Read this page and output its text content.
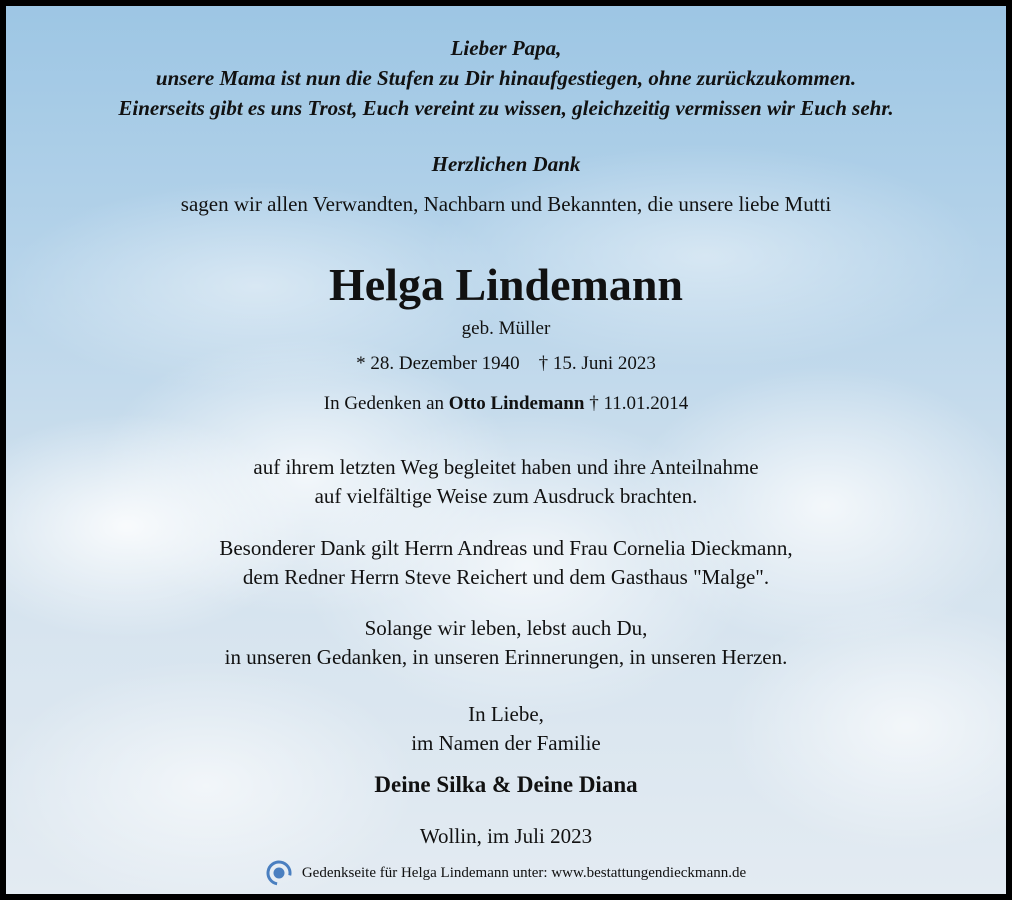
Lieber Papa,
unsere Mama ist nun die Stufen zu Dir hinaufgestiegen, ohne zurückzukommen.
Einerseits gibt es uns Trost, Euch vereint zu wissen, gleichzeitig vermissen wir Euch sehr.
Herzlichen Dank
sagen wir allen Verwandten, Nachbarn und Bekannten, die unsere liebe Mutti
Helga Lindemann
geb. Müller
* 28. Dezember 1940    † 15. Juni 2023
In Gedenken an Otto Lindemann † 11.01.2014
auf ihrem letzten Weg begleitet haben und ihre Anteilnahme
auf vielfältige Weise zum Ausdruck brachten.
Besonderer Dank gilt Herrn Andreas und Frau Cornelia Dieckmann,
dem Redner Herrn Steve Reichert und dem Gasthaus "Malge".
Solange wir leben, lebst auch Du,
in unseren Gedanken, in unseren Erinnerungen, in unseren Herzen.
In Liebe,
im Namen der Familie
Deine Silka & Deine Diana
Wollin, im Juli 2023
Gedenkseite für Helga Lindemann unter: www.bestattungendieckmann.de
